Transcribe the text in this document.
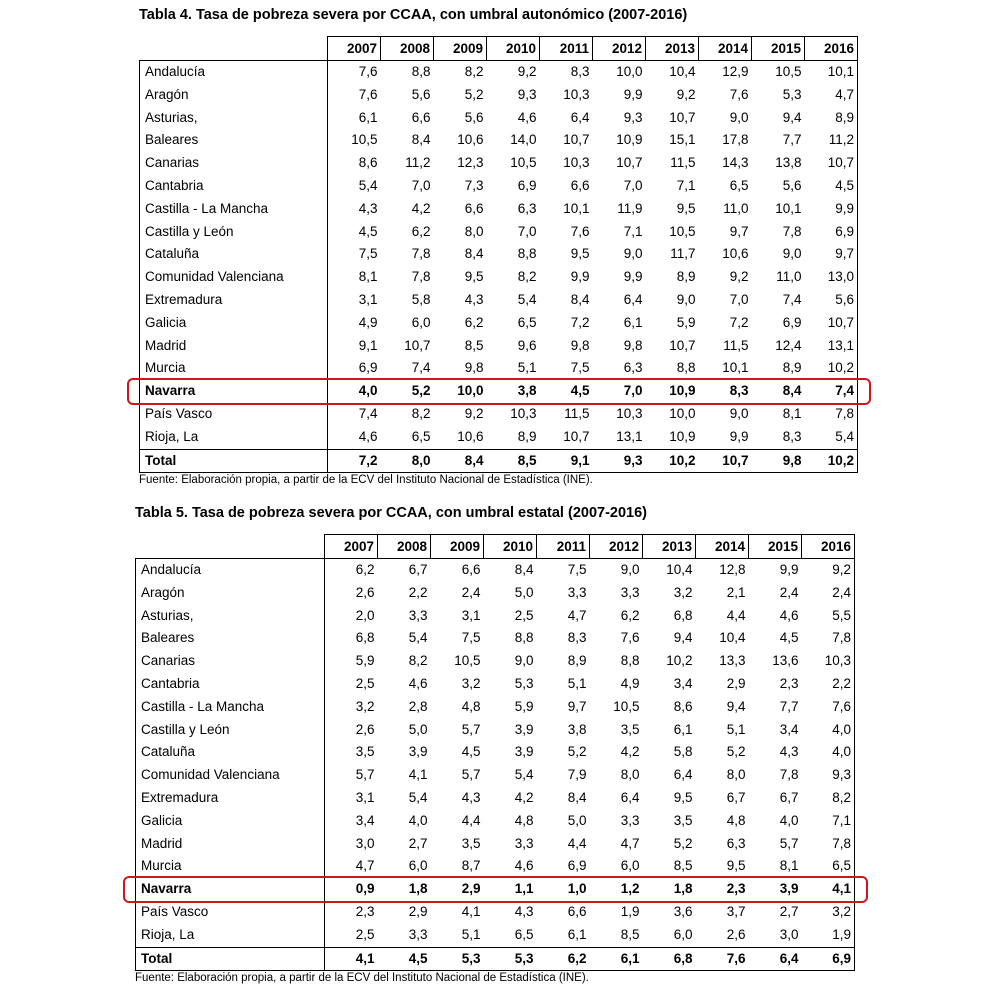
Tabla 4. Tasa de pobreza severa por CCAA, con umbral autonómico (2007-2016)
	2007	2008	2009	2010	2011	2012	2013	2014	2015	2016
Andalucía	7,6	8,8	8,2	9,2	8,3	10,0	10,4	12,9	10,5	10,1
Aragón	7,6	5,6	5,2	9,3	10,3	9,9	9,2	7,6	5,3	4,7
Asturias,	6,1	6,6	5,6	4,6	6,4	9,3	10,7	9,0	9,4	8,9
Baleares	10,5	8,4	10,6	14,0	10,7	10,9	15,1	17,8	7,7	11,2
Canarias	8,6	11,2	12,3	10,5	10,3	10,7	11,5	14,3	13,8	10,7
Cantabria	5,4	7,0	7,3	6,9	6,6	7,0	7,1	6,5	5,6	4,5
Castilla - La Mancha	4,3	4,2	6,6	6,3	10,1	11,9	9,5	11,0	10,1	9,9
Castilla y León	4,5	6,2	8,0	7,0	7,6	7,1	10,5	9,7	7,8	6,9
Cataluña	7,5	7,8	8,4	8,8	9,5	9,0	11,7	10,6	9,0	9,7
Comunidad Valenciana	8,1	7,8	9,5	8,2	9,9	9,9	8,9	9,2	11,0	13,0
Extremadura	3,1	5,8	4,3	5,4	8,4	6,4	9,0	7,0	7,4	5,6
Galicia	4,9	6,0	6,2	6,5	7,2	6,1	5,9	7,2	6,9	10,7
Madrid	9,1	10,7	8,5	9,6	9,8	9,8	10,7	11,5	12,4	13,1
Murcia	6,9	7,4	9,8	5,1	7,5	6,3	8,8	10,1	8,9	10,2
Navarra	4,0	5,2	10,0	3,8	4,5	7,0	10,9	8,3	8,4	7,4
País Vasco	7,4	8,2	9,2	10,3	11,5	10,3	10,0	9,0	8,1	7,8
Rioja, La	4,6	6,5	10,6	8,9	10,7	13,1	10,9	9,9	8,3	5,4
Total	7,2	8,0	8,4	8,5	9,1	9,3	10,2	10,7	9,8	10,2
Fuente: Elaboración propia, a partir de la ECV del Instituto Nacional de Estadística (INE).
Tabla 5. Tasa de pobreza severa por CCAA, con umbral estatal (2007-2016)
	2007	2008	2009	2010	2011	2012	2013	2014	2015	2016
Andalucía	6,2	6,7	6,6	8,4	7,5	9,0	10,4	12,8	9,9	9,2
Aragón	2,6	2,2	2,4	5,0	3,3	3,3	3,2	2,1	2,4	2,4
Asturias,	2,0	3,3	3,1	2,5	4,7	6,2	6,8	4,4	4,6	5,5
Baleares	6,8	5,4	7,5	8,8	8,3	7,6	9,4	10,4	4,5	7,8
Canarias	5,9	8,2	10,5	9,0	8,9	8,8	10,2	13,3	13,6	10,3
Cantabria	2,5	4,6	3,2	5,3	5,1	4,9	3,4	2,9	2,3	2,2
Castilla - La Mancha	3,2	2,8	4,8	5,9	9,7	10,5	8,6	9,4	7,7	7,6
Castilla y León	2,6	5,0	5,7	3,9	3,8	3,5	6,1	5,1	3,4	4,0
Cataluña	3,5	3,9	4,5	3,9	5,2	4,2	5,8	5,2	4,3	4,0
Comunidad Valenciana	5,7	4,1	5,7	5,4	7,9	8,0	6,4	8,0	7,8	9,3
Extremadura	3,1	5,4	4,3	4,2	8,4	6,4	9,5	6,7	6,7	8,2
Galicia	3,4	4,0	4,4	4,8	5,0	3,3	3,5	4,8	4,0	7,1
Madrid	3,0	2,7	3,5	3,3	4,4	4,7	5,2	6,3	5,7	7,8
Murcia	4,7	6,0	8,7	4,6	6,9	6,0	8,5	9,5	8,1	6,5
Navarra	0,9	1,8	2,9	1,1	1,0	1,2	1,8	2,3	3,9	4,1
País Vasco	2,3	2,9	4,1	4,3	6,6	1,9	3,6	3,7	2,7	3,2
Rioja, La	2,5	3,3	5,1	6,5	6,1	8,5	6,0	2,6	3,0	1,9
Total	4,1	4,5	5,3	5,3	6,2	6,1	6,8	7,6	6,4	6,9
Fuente: Elaboración propia, a partir de la ECV del Instituto Nacional de Estadística (INE).
